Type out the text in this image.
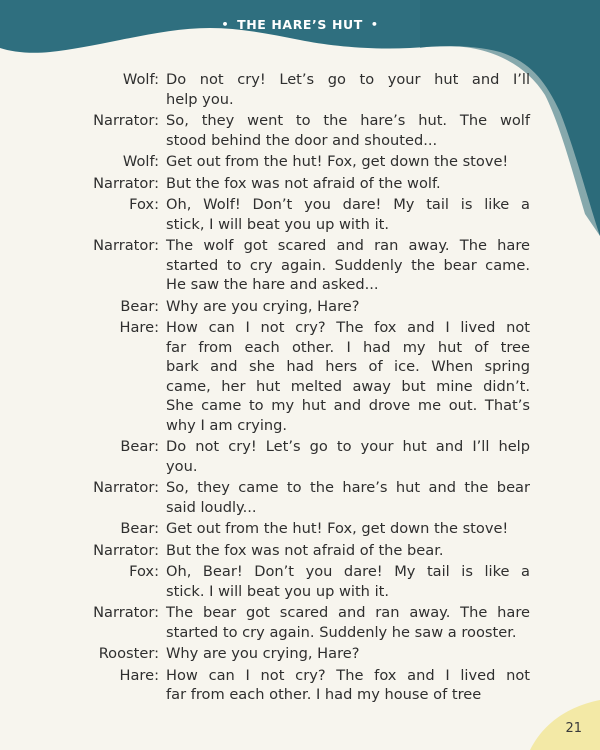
• THE HARE’S HUT •
Wolf: Do not cry! Let’s go to your hut and I’ll
help you.
Narrator: So, they went to the hare’s hut. The wolf
stood behind the door and shouted...
Wolf: Get out from the hut! Fox, get down the stove!
Narrator: But the fox was not afraid of the wolf.
Fox: Oh, Wolf! Don’t you dare! My tail is like a
stick, I will beat you up with it.
Narrator: The wolf got scared and ran away. The hare
started to cry again. Suddenly the bear came.
He saw the hare and asked...
Bear: Why are you crying, Hare?
Hare: How can I not cry? The fox and I lived not
far from each other. I had my hut of tree
bark and she had hers of ice. When spring
came, her hut melted away but mine didn’t.
She came to my hut and drove me out. That’s
why I am crying.
Bear: Do not cry! Let’s go to your hut and I’ll help
you.
Narrator: So, they came to the hare’s hut and the bear
said loudly...
Bear: Get out from the hut! Fox, get down the stove!
Narrator: But the fox was not afraid of the bear.
Fox: Oh, Bear! Don’t you dare! My tail is like a
stick. I will beat you up with it.
Narrator: The bear got scared and ran away. The hare
started to cry again. Suddenly he saw a rooster.
Rooster: Why are you crying, Hare?
Hare: How can I not cry? The fox and I lived not
far from each other. I had my house of tree
21
